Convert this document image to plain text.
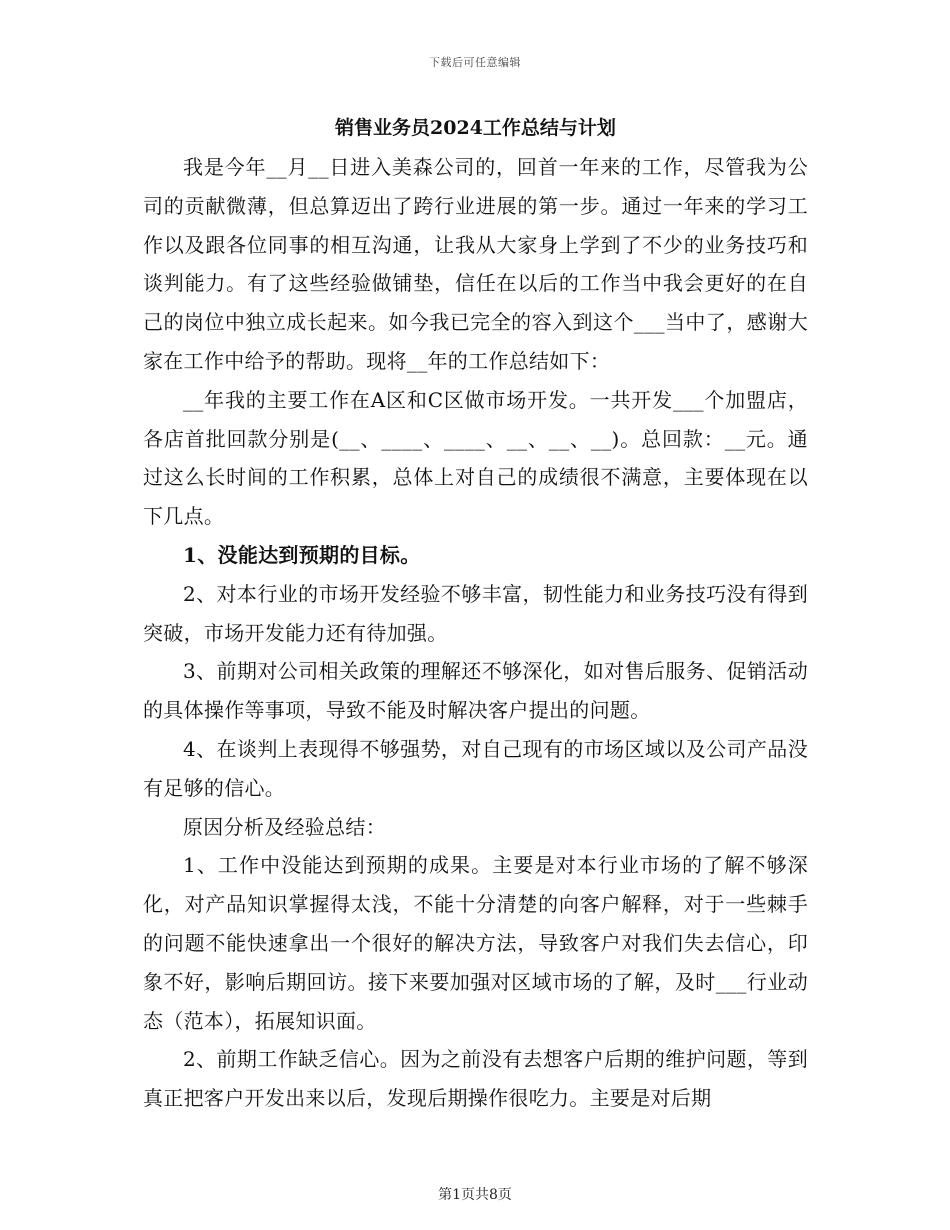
下载后可任意编辑
销售业务员2024工作总结与计划

我是今年__月__日进入美森公司的，回首一年来的工作，尽管我为公司的贡献微薄，但总算迈出了跨行业进展的第一步。通过一年来的学习工作以及跟各位同事的相互沟通，让我从大家身上学到了不少的业务技巧和谈判能力。有了这些经验做铺垫，信任在以后的工作当中我会更好的在自己的岗位中独立成长起来。如今我已完全的容入到这个___当中了，感谢大家在工作中给予的帮助。现将__年的工作总结如下：

__年我的主要工作在A区和C区做市场开发。一共开发___个加盟店，各店首批回款分别是(__、____、____、__、__、__)。总回款：__元。通过这么长时间的工作积累，总体上对自己的成绩很不满意，主要体现在以下几点。

1、没能达到预期的目标。

2、对本行业的市场开发经验不够丰富，韧性能力和业务技巧没有得到突破，市场开发能力还有待加强。

3、前期对公司相关政策的理解还不够深化，如对售后服务、促销活动的具体操作等事项，导致不能及时解决客户提出的问题。

4、在谈判上表现得不够强势，对自己现有的市场区域以及公司产品没有足够的信心。

原因分析及经验总结：

1、工作中没能达到预期的成果。主要是对本行业市场的了解不够深化，对产品知识掌握得太浅，不能十分清楚的向客户解释，对于一些棘手的问题不能快速拿出一个很好的解决方法，导致客户对我们失去信心，印象不好，影响后期回访。接下来要加强对区域市场的了解，及时___行业动态（范本），拓展知识面。

2、前期工作缺乏信心。因为之前没有去想客户后期的维护问题，等到真正把客户开发出来以后，发现后期操作很吃力。主要是对后期

第1页共8页
